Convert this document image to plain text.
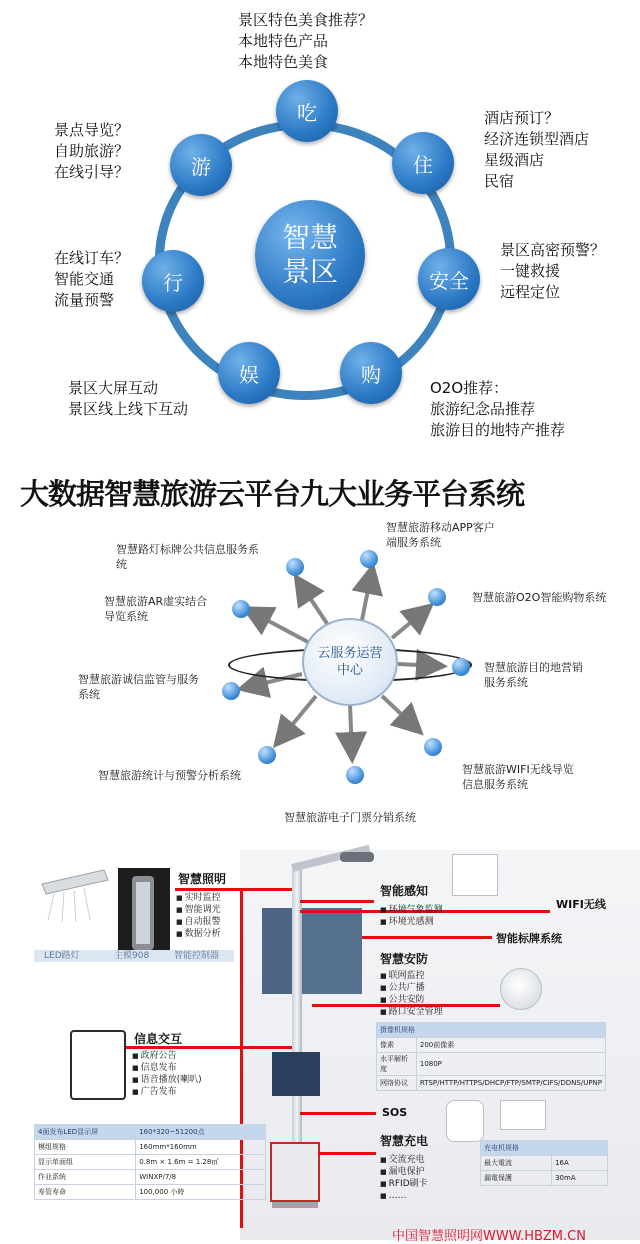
智慧
景区
吃
住
安全
购
娱
行
游
景区特色美食推荐？
本地特色产品
本地特色美食
酒店预订？
经济连锁型酒店
星级酒店
民宿
景区高密预警？
一键救援
远程定位
O2O推荐：
旅游纪念品推荐
旅游目的地特产推荐
景区大屏互动
景区线上线下互动
在线订车？
智能交通
流量预警
景点导览？
自助旅游？
在线引导？
大数据智慧旅游云平台九大业务平台系统
云服务运营
中心
智慧路灯标牌公共信息服务系
统
智慧旅游移动APP客户
端服务系统
智慧旅游AR虚实结合
导览系统
智慧旅游O2O智能购物系统
智慧旅游诚信监管与服务
系统
智慧旅游目的地营销
服务系统
智慧旅游统计与预警分析系统	智慧旅游WIFI无线导览
信息服务系统
智慧旅游电子门票分销系统
LED路灯	主模908	智能控制器
智慧照明
■ 实时监控
■ 智能调光
■ 自动报警
■ 数据分析
智能感知
■ 环境气象监测
■ 环境光感测
WIFI无线
智能标牌系统
智慧安防
■ 联网监控
■ 公共广播
■ 公共安防
■ 路口安全管理
摄像机规格	
像素	200前像素
水平解析度	1080P
网络协议	RTSP/HTTP/HTTPS/DHCP/FTP/SMTP/CIFS/DDNS/UPNP
信息交互
■ 政府公告
■ 信息发布
■ 语音播放(喇叭)
■ 广告发布
4面发布LED显示屏	160*320~51200点
模组规格	160mm*160mm
显示单面组	0.8m × 1.6m = 1.28㎡
作业系统	WINXP/7/8
寿管寿命	100,000 小時
SOS
智慧充电
■ 交流充电
■ 漏电保护
■ RFID刷卡
■ ……
充电机规格	
最大電流	16A
漏電保護	30mA
中国智慧照明网WWW.HBZM.CN
